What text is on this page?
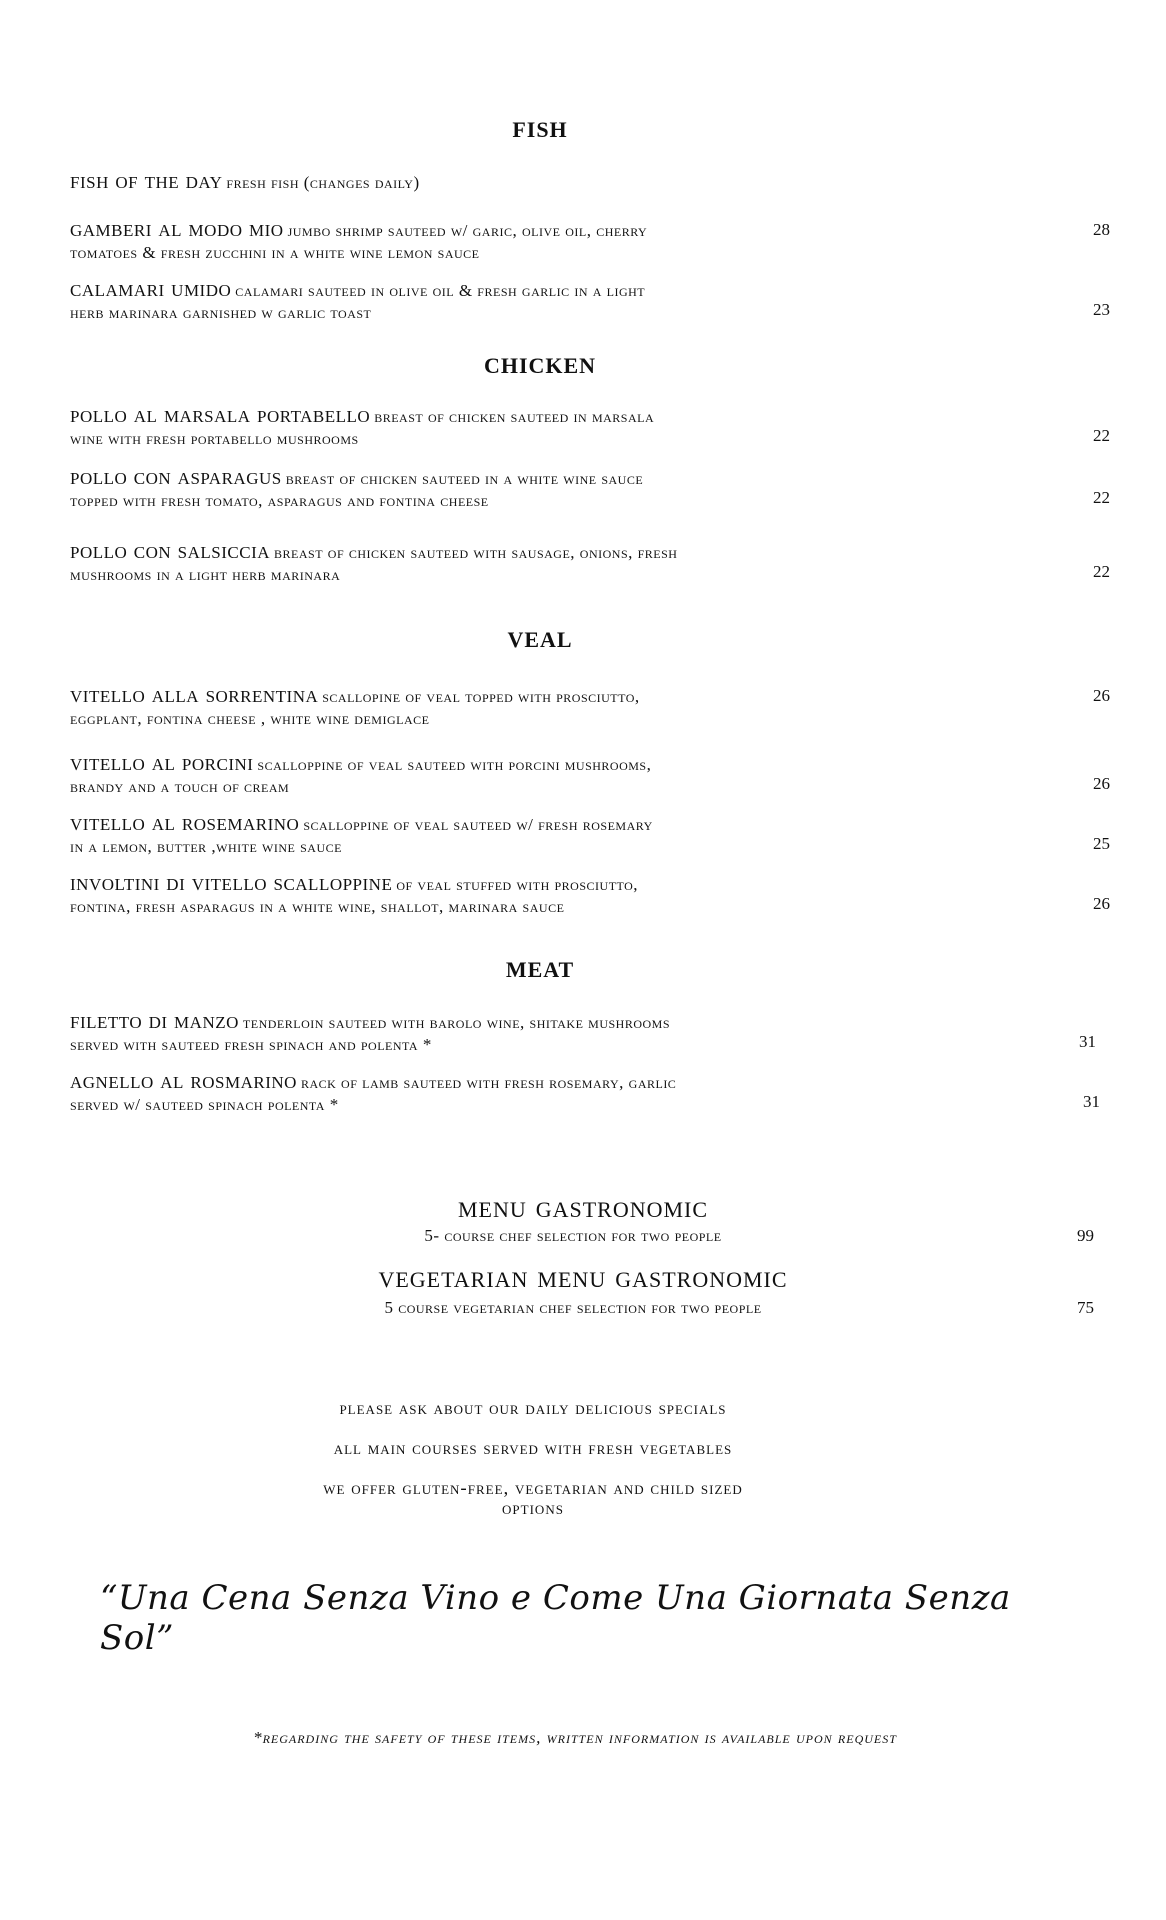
fish
fish of the day fresh fish (changes daily)
gamberi al modo mio jumbo shrimp sauteed w/ garic, olive oil, cherry
tomatoes & fresh zucchini in a white wine lemon sauce
28
calamari umido calamari sauteed in olive oil & fresh garlic in a light
herb marinara garnished w garlic toast	23
chicken
pollo al marsala portabello breast of chicken sauteed in marsala
wine with fresh portabello mushrooms	22
pollo con asparagus breast of chicken sauteed in a white wine sauce
topped with fresh tomato, asparagus and fontina cheese	22
pollo con salsiccia breast of chicken sauteed with sausage, onions, fresh
mushrooms in a light herb marinara	22
veal
vitello alla sorrentina scallopine of veal topped with prosciutto,
eggplant, fontina cheese , white wine demiglace
26
vitello al porcini scalloppine of veal sauteed with porcini mushrooms,
brandy and a touch of cream	26
vitello al rosemarino scalloppine of veal sauteed w/ fresh rosemary
in a lemon, butter ,white wine sauce	25
involtini di vitello scalloppine of veal stuffed with prosciutto,
fontina, fresh asparagus in a white wine, shallot, marinara sauce	26
meat
filetto di manzo tenderloin sauteed with barolo wine, shitake mushrooms
served with sauteed fresh spinach and polenta *	31
agnello al rosmarino rack of lamb sauteed with fresh rosemary, garlic
served w/ sauteed spinach polenta *	31
menu gastronomic
5- course chef selection for two people	99
vegetarian menu gastronomic
5 course vegetarian chef selection for two people	75
please ask about our daily delicious specials
all main courses served with fresh vegetables
we offer gluten-free, vegetarian and child sized
options
“Una Cena Senza Vino e Come Una Giornata Senza Sol”
*regarding the safety of these items, written information is available upon request
